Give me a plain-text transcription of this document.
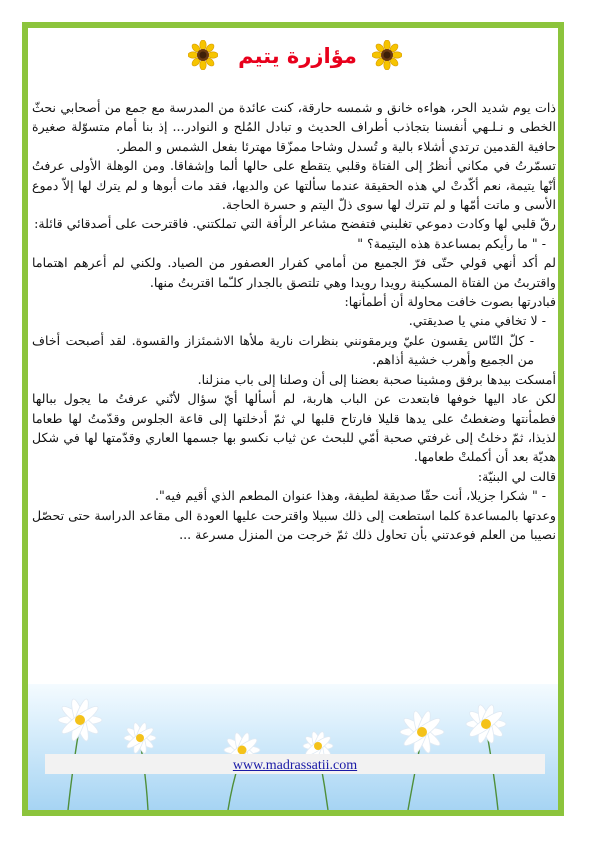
مؤازرة يتيم

ذات يوم شديد الحر، هواءه خانق و شمسه حارقة، كنت عائدة من المدرسة مع جمع من أصحابي نحثّ الخطى و نـلـهي أنفسنا بتجاذب أطراف الحديث و تبادل المُلح و النوادر... إذ بنا أمام متسوّلة صغيرة حافية القدمين ترتدي أشلاء بالية و تُسدل وشاحا ممزّقا مهترئا بفعل الشمس و المطر.

تسمّرتُ في مكاني أنظرُ إلى الفتاة وقلبي يتقطع على حالها ألما وإشفاقا. ومن الوهلة الأولى عرفتُ أنّها يتيمة، نعم أكّدتْ لي هذه الحقيقة عندما سألتها عن والديها، فقد مات أبوها و لم يترك لها إلاّ دموع الأسى و ماتت أمّها و لم تترك لها سوى ذلّ اليتم و حسرة الحاجة.

رقّ قلبي لها وكادت دموعي تغلبني فتفضح مشاعر الرأفة التي تملكتني. فاقترحت على أصدقائي قائلة:

- " ما رأيكم بمساعدة هذه اليتيمة؟ "

لم أكد أنهي قولي حتّى فرّ الجميع من أمامي كفرار العصفور من الصياد. ولكني لم أعرهم اهتماما واقتربتُ من الفتاة المسكينة رويدا رويدا وهي تلتصق بالجدار كلـّما اقتربتُ منها.

فبادرتها بصوت خافت محاولة أن أطمأنها:

- لا تخافي مني يا صديقتي.

- كلّ النّاس يقسون عليّ ويرمقونني بنظرات نارية ملأها الاشمئزاز والقسوة. لقد أصبحت أخاف من الجميع وأهرب خشية أذاهم.

أمسكت بيدها برفق ومشينا صحبة بعضنا إلى أن وصلنا إلى باب منزلنا.

لكن عاد اليها خوفها فابتعدت عن الباب هاربة، لم أسألها أيّ سؤال لأنّني عرفتُ ما يجول ببالها فطمأنتها وضغطتُ على يدها قليلا فارتاح قلبها لي ثمّ أدخلتها إلى قاعة الجلوس وقدّمتُ لها طعاما لذيذا، ثمّ دخلتُ إلى غرفتي صحبة أمّي للبحث عن ثياب نكسو بها جسمها العاري وقدّمتها لها في شكل هديّة بعد أن أكملتْ طعامها.

قالت لي البنيّة:

- " شكرا جزيلا، أنت حقّا صديقة لطيفة، وهذا عنوان المطعم الذي أقيم فيه".

وعدتها بالمساعدة كلما استطعت إلى ذلك سبيلا واقترحت عليها العودة الى مقاعد الدراسة حتى تحصّل نصيبا من العلم فوعدتني بأن تحاول ذلك ثمّ خرجت من المنزل مسرعة ...

www.madrassatii.com
